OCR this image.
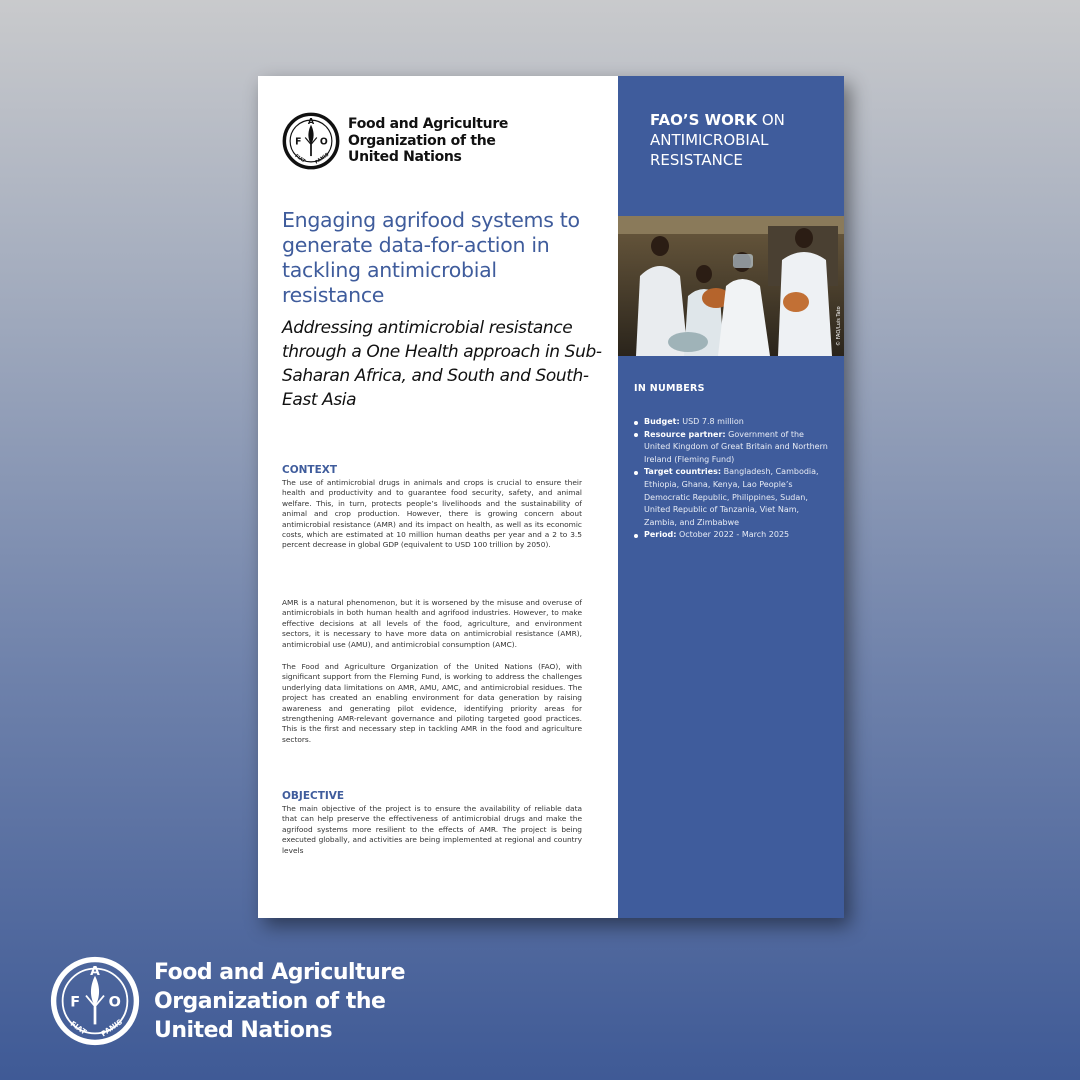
A
F O
FIAT PANIS
Food and Agriculture
Organization of the
United Nations
Engaging agrifood systems to generate data-for-action in tackling antimicrobial resistance
Addressing antimicrobial resistance through a One Health approach in Sub-Saharan Africa, and South and South-East Asia
CONTEXT
The use of antimicrobial drugs in animals and crops is crucial to ensure their health and productivity and to guarantee food security, safety, and animal welfare. This, in turn, protects people’s livelihoods and the sustainability of animal and crop production. However, there is growing concern about antimicrobial resistance (AMR) and its impact on health, as well as its economic costs, which are estimated at 10 million human deaths per year and a 2 to 3.5 percent decrease in global GDP (equivalent to USD 100 trillion by 2050).
AMR is a natural phenomenon, but it is worsened by the misuse and overuse of antimicrobials in both human health and agrifood industries. However, to make effective decisions at all levels of the food, agriculture, and environment sectors, it is necessary to have more data on antimicrobial resistance (AMR), antimicrobial use (AMU), and antimicrobial consumption (AMC).
The Food and Agriculture Organization of the United Nations (FAO), with significant support from the Fleming Fund, is working to address the challenges underlying data limitations on AMR, AMU, AMC, and antimicrobial residues. The project has created an enabling environment for data generation by raising awareness and generating pilot evidence, identifying priority areas for strengthening AMR-relevant governance and piloting targeted good practices. This is the first and necessary step in tackling AMR in the food and agriculture sectors.
OBJECTIVE
The main objective of the project is to ensure the availability of reliable data that can help preserve the effectiveness of antimicrobial drugs and make the agrifood systems more resilient to the effects of AMR. The project is being executed globally, and activities are being implemented at regional and country levels
FAO’S WORK ON
ANTIMICROBIAL
RESISTANCE
© FAO/Luis Tato
IN NUMBERS
Budget: USD 7.8 million
Resource partner: Government of the United Kingdom of Great Britain and Northern Ireland (Fleming Fund)
Target countries: Bangladesh, Cambodia, Ethiopia, Ghana, Kenya, Lao People’s Democratic Republic, Philippines, Sudan, United Republic of Tanzania, Viet Nam, Zambia, and Zimbabwe
Period: October 2022 - March 2025
A
F O
FIAT PANIS
Food and Agriculture
Organization of the
United Nations
